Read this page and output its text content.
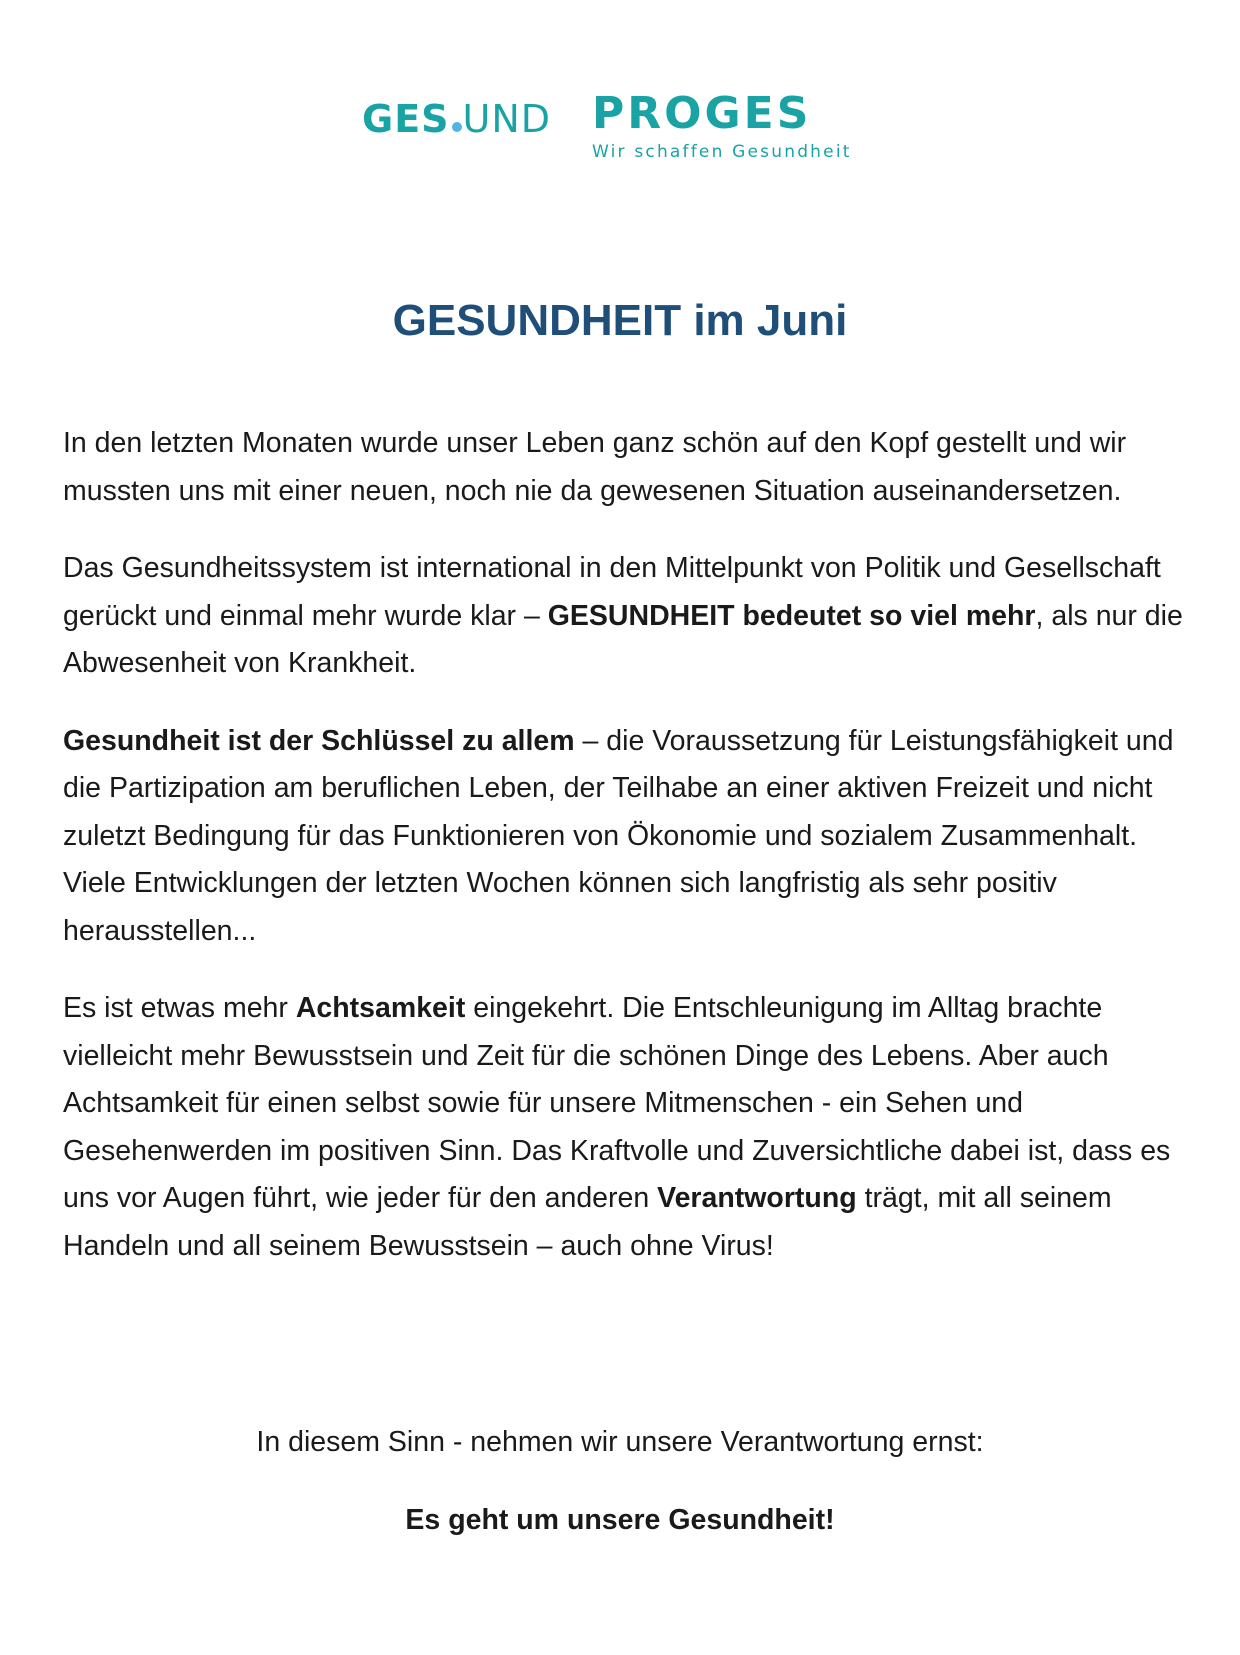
GES UND PROGES
Wir schaffen Gesundheit
GESUNDHEIT im Juni

In den letzten Monaten wurde unser Leben ganz schön auf den Kopf gestellt und wir mussten uns mit einer neuen, noch nie da gewesenen Situation auseinandersetzen.

Das Gesundheitssystem ist international in den Mittelpunkt von Politik und Gesellschaft gerückt und einmal mehr wurde klar – GESUNDHEIT bedeutet so viel mehr, als nur die Abwesenheit von Krankheit.

Gesundheit ist der Schlüssel zu allem – die Voraussetzung für Leistungsfähigkeit und die Partizipation am beruflichen Leben, der Teilhabe an einer aktiven Freizeit und nicht zuletzt Bedingung für das Funktionieren von Ökonomie und sozialem Zusammenhalt. Viele Entwicklungen der letzten Wochen können sich langfristig als sehr positiv herausstellen...

Es ist etwas mehr Achtsamkeit eingekehrt. Die Entschleunigung im Alltag brachte vielleicht mehr Bewusstsein und Zeit für die schönen Dinge des Lebens. Aber auch Achtsamkeit für einen selbst sowie für unsere Mitmenschen - ein Sehen und Gesehenwerden im positiven Sinn. Das Kraftvolle und Zuversichtliche dabei ist, dass es uns vor Augen führt, wie jeder für den anderen Verantwortung trägt, mit all seinem Handeln und all seinem Bewusstsein – auch ohne Virus!

In diesem Sinn - nehmen wir unsere Verantwortung ernst:

Es geht um unsere Gesundheit!
